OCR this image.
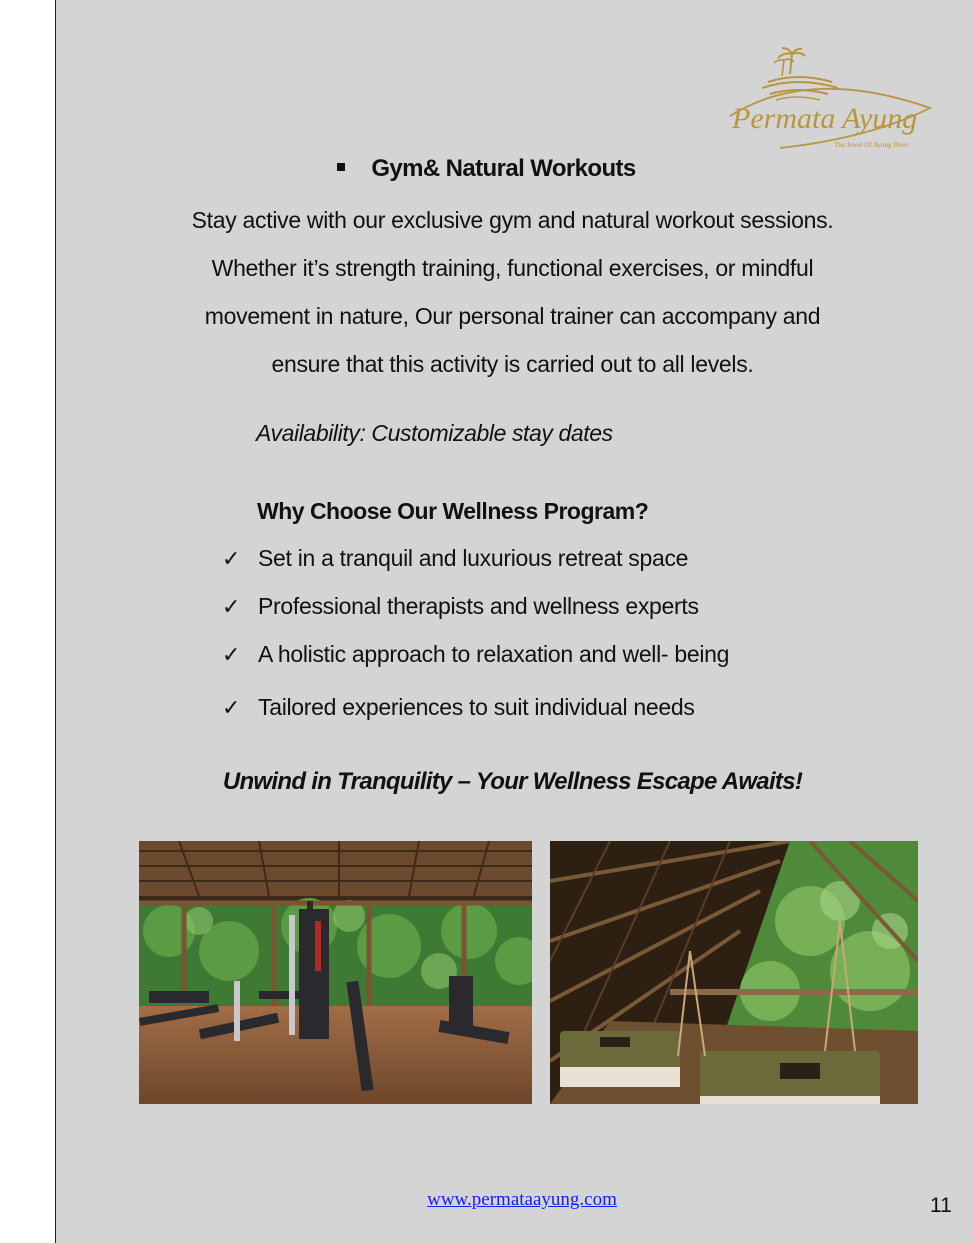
Permata Ayung
The Jewel Of Ayung River
Gym& Natural Workouts

Stay active with our exclusive gym and natural workout sessions.

Whether it’s strength training, functional exercises, or mindful

movement in nature, Our personal trainer can accompany and

ensure that this activity is carried out to all levels.

Availability: Customizable stay dates
Why Choose Our Wellness Program?
✓ Set in a tranquil and luxurious retreat space
✓ Professional therapists and wellness experts
✓ A holistic approach to relaxation and well- being
✓ Tailored experiences to suit individual needs
Unwind in Tranquility – Your Wellness Escape Awaits!
www.permataayung.com	11
